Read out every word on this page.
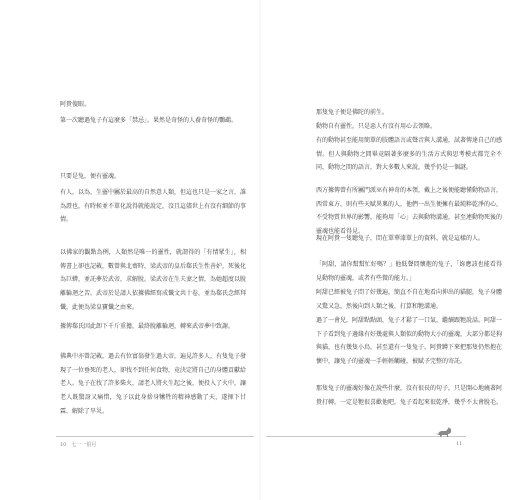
阿貴傻眼。

第一次聽過兔子有這麼多「禁忌」。果然是奇怪的人養奇怪的鸚鵡。

只要是兔，便有靈魂。

有人，以為，生靈中屬於最高的自然意人類，但這也只是一家之言，誰為證也，有時候並不單化說得就能說定，沒且這儘世上有沒有細節的事情。

以佛家的觀點為例，人類然是唯一的靈性，就謂得的「有情眾生」，相傳書上卻也記載，數曾與北齋時，梁武帝的皇后郗氏生性善妒，死後化為巨蟒，並託夢於武帝，求解脫。梁武帝在生夫妻之情，為她超度以脫離輪迴之苦。武帝於是請人依據佛經寫成懺文共十卷，並為郗氏念經拜懺，此便為梁皇寶懺之由來。

據傳郗氏因此卸下千斤重擔，最終脫離輪迴，轉來武帝夢中致謝。

佛典中亦曾記載，過去有位富翁發生過大帝，遍見許多人，有隻兔子發現了一位垂死的老人，卻找不到任何食物，竟決定將自己的身體貢獻給老人。兔子在找了許多柴火，請老人將火生起之後，便投入了火中，讓老人既驚訝又痛惜，兔子以此身捨身犧牲的精神感動了天，遂揮下甘霖，解除了旱災。

10　七一一伯月

那隻兔子便是佛陀的前生。

動物自有靈性，只是惡人有沒有用心去領略。

有的動物甚至能用簡單的肢體語言或聲音與人溝通，試著傳達自己的感情。但人與動物之間畢竟隔著多麼多的生活方式與思考模式都完全不同，動物之間的語言，對大多數人來說，幾乎仍是一個謎。

西方據傳曾有所屬門派巫有神奇的本領，戴上之後便能聽懂動物語言，西常東方，則有些天賦異稟的人，他們一出生便擁有最純粹乾淨的心，不受物質世界的影響，能夠用「心」去與動物溝通，甚至連動物死後的靈魂也能看得見。

現在阿貴一隻聽兔子，問在單華漆單上的資料，就是這樣的人。

「阿甜，請你幫幫忙好嗎？」他低聲問懷抱的兔子，「妳應該也能看得見動物的靈魂，或者有些微的能力。」

阿甜已經被兔子問了好幾遍，簡直不自在地看向伸出的貓腿，兔子身體又驚又急，然後向到人類之後，打算和牠溝通。

過了一會兒，阿甜點點頭，兔子才鬆了一口氣，繼續跟牠說話。阿甜一下子看到兔子邊緣有好幾處與人類似的動物大小的靈魂，大部分都是狗與貓，也有幾隻小鳥，甚至還有一隻兔子。阿貴蹲下來把那隻仍然抱在懷中，讓兔子的靈魂一手輕輕觸碰，被賦予完整的寄託。

那隻兔子的靈魂好像在說些什麼，沒有很長的句子，只是開心地繞著阿貴打轉，一定是牠很喜歡他吧。兔子看起來很乾淨，幾乎不太會脫毛。

11
